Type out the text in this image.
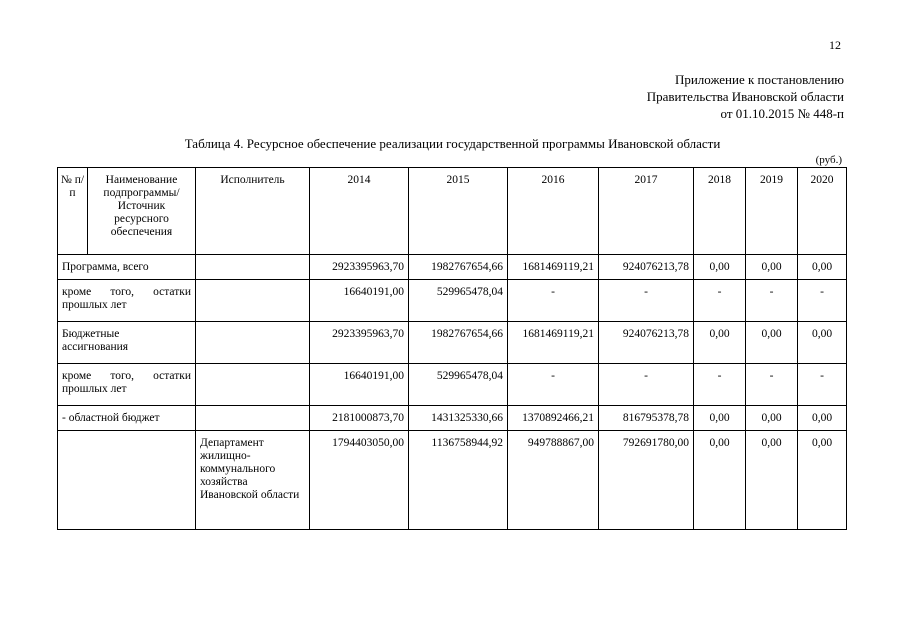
12
Приложение к постановлению
Правительства Ивановской области
от 01.10.2015 № 448-п
Таблица 4. Ресурсное обеспечение реализации государственной программы Ивановской области
(руб.)
№ п/п	Наименование подпрограммы/ Источник ресурсного обеспечения	Исполнитель	2014	2015	2016	2017	2018	2019	2020
Программа, всего			2923395963,70	1982767654,66	1681469119,21	924076213,78	0,00	0,00	0,00

кроме того, остатки
прошлых лет			16640191,00	529965478,04	-	-	-	-	-

Бюджетные
ассигнования			2923395963,70	1982767654,66	1681469119,21	924076213,78	0,00	0,00	0,00

кроме того, остатки
прошлых лет			16640191,00	529965478,04	-	-	-	-	-
- областной бюджет			2181000873,70	1431325330,66	1370892466,21	816795378,78	0,00	0,00	0,00
		Департамент жилищно-коммунального хозяйства Ивановской области	1794403050,00	1136758944,92	949788867,00	792691780,00	0,00	0,00	0,00
